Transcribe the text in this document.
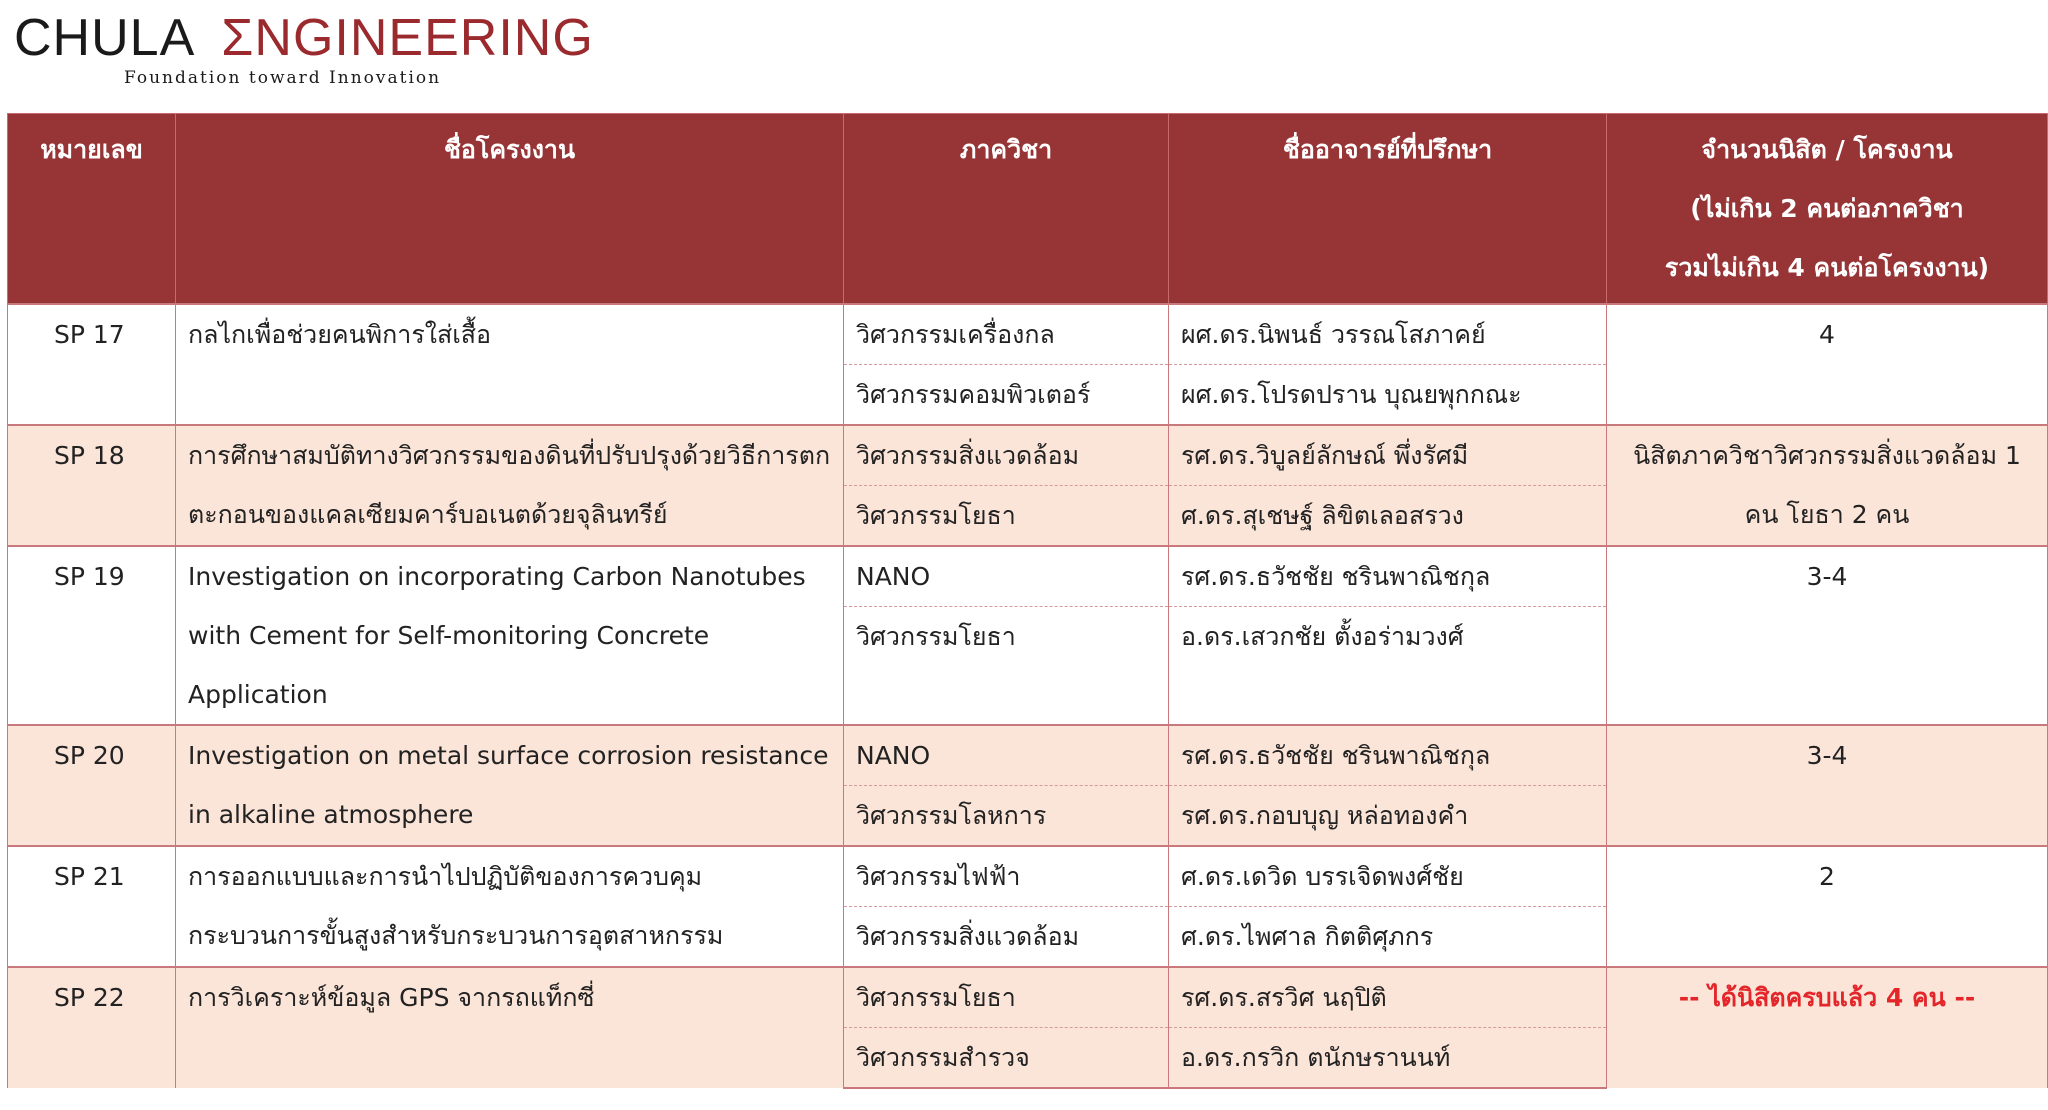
CHULA ƩNGINEERING
Foundation toward Innovation
หมายเลข	ชื่อโครงงาน	ภาควิชา	ชื่ออาจารย์ที่ปรึกษา	จำนวนนิสิต / โครงงาน
(ไม่เกิน 2 คนต่อภาควิชา
รวมไม่เกิน 4 คนต่อโครงงาน)

SP 17	กลไกเพื่อช่วยคนพิการใส่เสื้อ	วิศวกรรมเครื่องกล	ผศ.ดร.นิพนธ์ วรรณโสภาคย์	4
		วิศวกรรมคอมพิวเตอร์	ผศ.ดร.โปรดปราน บุณยพุกกณะ	
SP 18	การศึกษาสมบัติทางวิศวกรรมของดินที่ปรับปรุงด้วยวิธีการตกตะกอนของแคลเซียมคาร์บอเนตด้วยจุลินทรีย์	วิศวกรรมสิ่งแวดล้อม	รศ.ดร.วิบูลย์ลักษณ์ พึ่งรัศมี	นิสิตภาควิชาวิศวกรรมสิ่งแวดล้อม 1 คน โยธา 2 คน
		วิศวกรรมโยธา	ศ.ดร.สุเชษฐ์ ลิขิตเลอสรวง	
SP 19	Investigation on incorporating Carbon Nanotubes with Cement for Self-monitoring Concrete Application	NANO	รศ.ดร.ธวัชชัย ชรินพาณิชกุล	3-4
		วิศวกรรมโยธา	อ.ดร.เสวกชัย ตั้งอร่ามวงศ์	

SP 20	Investigation on metal surface corrosion resistance in alkaline atmosphere	NANO	รศ.ดร.ธวัชชัย ชรินพาณิชกุล	3-4
		วิศวกรรมโลหการ	รศ.ดร.กอบบุญ หล่อทองคำ	
SP 21	การออกแบบและการนำไปปฏิบัติของการควบคุมกระบวนการขั้นสูงสำหรับกระบวนการอุตสาหกรรม	วิศวกรรมไฟฟ้า	ศ.ดร.เดวิด บรรเจิดพงศ์ชัย	2
		วิศวกรรมสิ่งแวดล้อม	ศ.ดร.ไพศาล กิตติศุภกร	
SP 22	การวิเคราะห์ข้อมูล GPS จากรถแท็กซี่	วิศวกรรมโยธา	รศ.ดร.สรวิศ นฤปิติ	-- ได้นิสิตครบแล้ว 4 คน --
		วิศวกรรมสำรวจ	อ.ดร.กรวิก ตนักษรานนท์	
